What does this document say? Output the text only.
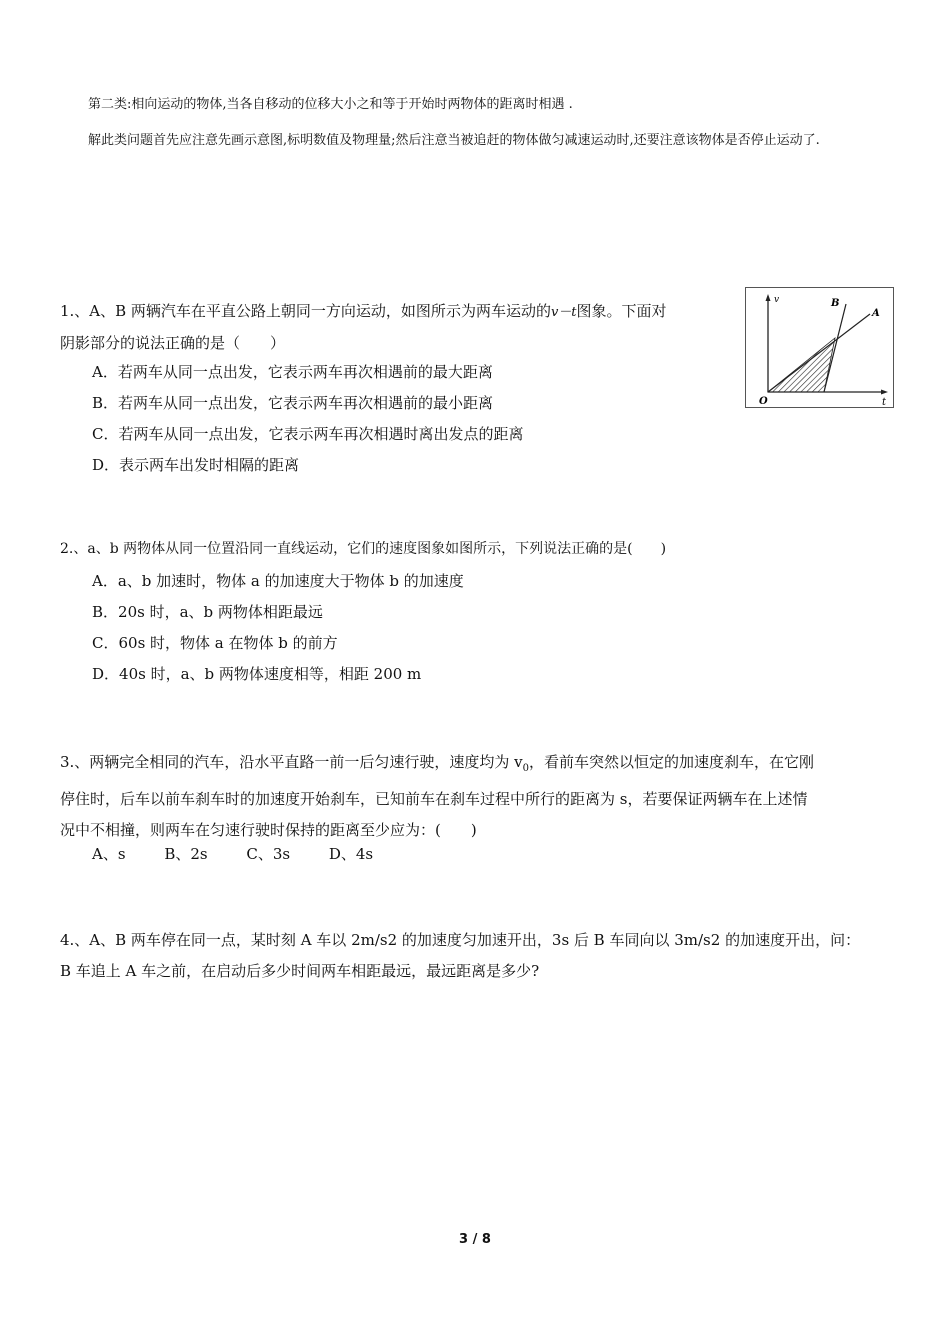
第二类:相向运动的物体,当各自移动的位移大小之和等于开始时两物体的距离时相遇 .
解此类问题首先应注意先画示意图,标明数值及物理量;然后注意当被追赶的物体做匀减速运动时,还要注意该物体是否停止运动了.
1.、A、B 两辆汽车在平直公路上朝同一方向运动，如图所示为两车运动的v－t图象。下面对
阴影部分的说法正确的是（　　）
A．若两车从同一点出发，它表示两车再次相遇前的最大距离
B．若两车从同一点出发，它表示两车再次相遇前的最小距离
C．若两车从同一点出发，它表示两车再次相遇时离出发点的距离
D．表示两车出发时相隔的距离
v
t
O
A
B
2.、a、b 两物体从同一位置沿同一直线运动，它们的速度图象如图所示，下列说法正确的是(　　)
A．a、b 加速时，物体 a 的加速度大于物体 b 的加速度
B．20s 时，a、b 两物体相距最远
C．60s 时，物体 a 在物体 b 的前方
D．40s 时，a、b 两物体速度相等，相距 200 m
3.、两辆完全相同的汽车，沿水平直路一前一后匀速行驶，速度均为 $v_0$，看前车突然以恒定的加速度刹车，在它刚
停住时，后车以前车刹车时的加速度开始刹车，已知前车在刹车过程中所行的距离为 s，若要保证两辆车在上述情
况中不相撞，则两车在匀速行驶时保持的距离至少应为：(　　)
A、s	B、2s	C、3s	D、4s
4.、A、B 两车停在同一点，某时刻 A 车以 2m/s2 的加速度匀加速开出，3s 后 B 车同向以 3m/s2 的加速度开出，问：
B 车追上 A 车之前，在启动后多少时间两车相距最远，最远距离是多少?
3 / 8
